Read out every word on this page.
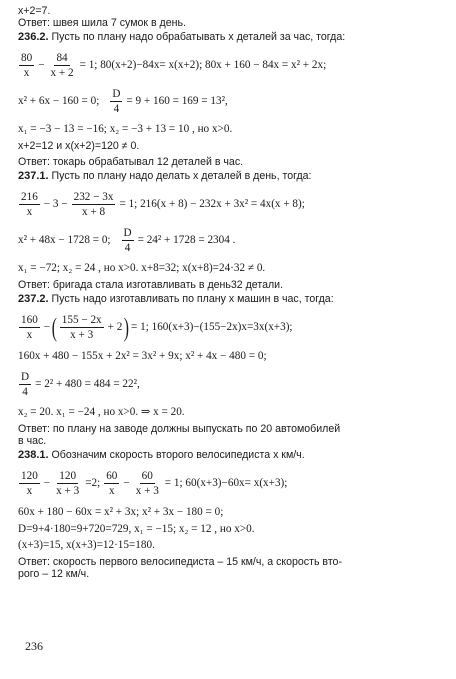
x+2=7.

Ответ: швея шила 7 сумок в день.

236.2. Пусть по плану надо обрабатывать x деталей за час, тогда:

$\frac{80}{x} - \frac{84}{x + 2} = 1$; 80(x+2)−84x= x(x+2); 80x + 160 − 84x = x² + 2x;
x² + 6x − 160 = 0; $\frac{D}{4} = 9 + 160 = 169 = 13^2$,

x₁ = −3 − 13 = −16; x₂ = −3 + 13 = 10 , но x>0.

x+2=12 и x(x+2)=120 ≠ 0.

Ответ: токарь обрабатывал 12 деталей в час.

237.1. Пусть по плану надо делать x деталей в день, тогда:

$\frac{216}{x} - 3 - \frac{232 - 3x}{x + 8} = 1$; 216(x + 8) − 232x + 3x² = 4x(x + 8);
x² + 48x − 1728 = 0; $\frac{D}{4} = 24^2 + 1728 = 2304$ .

x₁ = −72; x₂ = 24 , но x>0. x+8=32; x(x+8)=24·32 ≠ 0.

Ответ: бригада стала изготавливать в день32 детали.

237.2. Пусть надо изготавливать по плану x машин в час, тогда:

$\frac{160}{x}$ − ( $\frac{155 - 2x}{x + 3} + 2$ ) = 1; 160(x+3)−(155−2x)x=3x(x+3);

160x + 480 − 155x + 2x² = 3x² + 9x; x² + 4x − 480 = 0;

$\frac{D}{4} = 2^2 + 480 = 484 = 22^2$,

x₂ = 20. x₁ = −24 , но x>0. ⇒ x = 20.

Ответ: по плану на заводе должны выпускать по 20 автомобилей

в час.

238.1. Обозначим скорость второго велосипедиста x км/ч.

$\frac{120}{x} - \frac{120}{x + 3} =2$; $\frac{60}{x} - \frac{60}{x + 3} = 1$; 60(x+3)−60x= x(x+3);

60x + 180 − 60x = x² + 3x; x² + 3x − 180 = 0;

D=9+4·180=9+720=729, x₁ = −15; x₂ = 12 , но x>0.

(x+3)=15, x(x+3)=12·15=180.

Ответ: скорость первого велосипедиста – 15 км/ч, а скорость вто-

рого – 12 км/ч.

236
